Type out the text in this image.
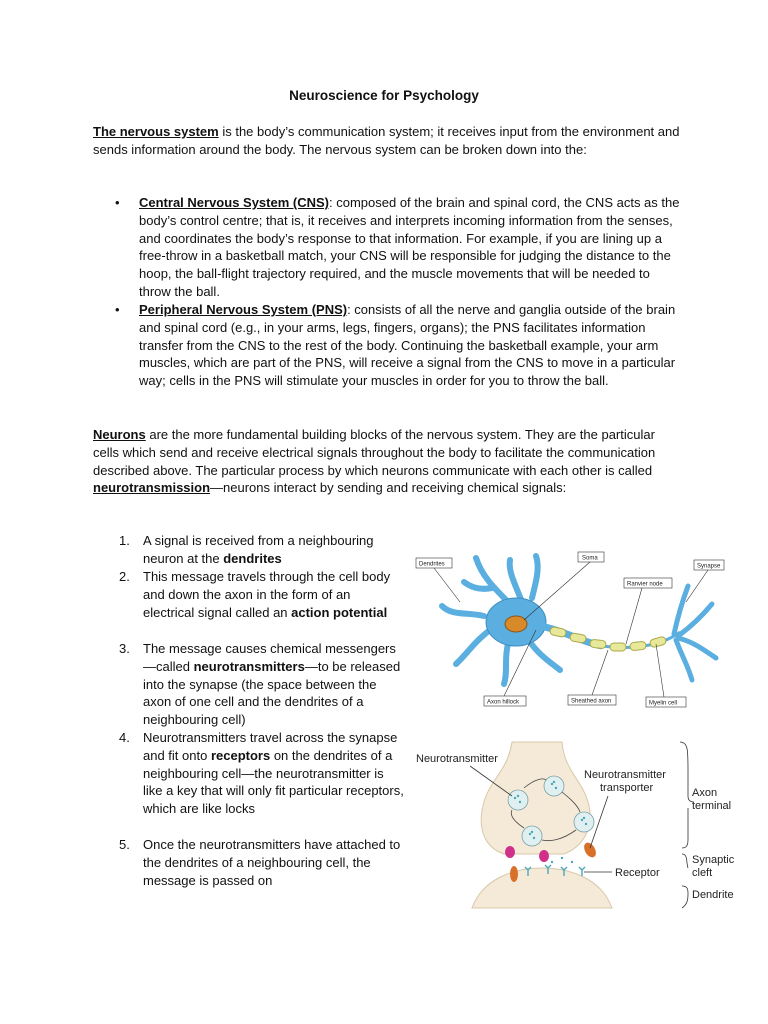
Neuroscience for Psychology
The nervous system is the body’s communication system; it receives input from the environment and sends information around the body. The nervous system can be broken down into the:
• Central Nervous System (CNS): composed of the brain and spinal cord, the CNS acts as the body’s control centre; that is, it receives and interprets incoming information from the senses, and coordinates the body’s response to that information. For example, if you are lining up a free-throw in a basketball match, your CNS will be responsible for judging the distance to the hoop, the ball-flight trajectory required, and the muscle movements that will be needed to throw the ball.
• Peripheral Nervous System (PNS): consists of all the nerve and ganglia outside of the brain and spinal cord (e.g., in your arms, legs, fingers, organs); the PNS facilitates information transfer from the CNS to the rest of the body. Continuing the basketball example, your arm muscles, which are part of the PNS, will receive a signal from the CNS to move in a particular way; cells in the PNS will stimulate your muscles in order for you to throw the ball.
Neurons are the more fundamental building blocks of the nervous system. They are the particular cells which send and receive electrical signals throughout the body to facilitate the communication described above. The particular process by which neurons communicate with each other is called neurotransmission—neurons interact by sending and receiving chemical signals:
1. A signal is received from a neighbouring neuron at the dendrites
2. This message travels through the cell body and down the axon in the form of an electrical signal called an action potential
3. The message causes chemical messengers—called neurotransmitters—to be released into the synapse (the space between the axon of one cell and the dendrites of a neighbouring cell)
4. Neurotransmitters travel across the synapse and fit onto receptors on the dendrites of a neighbouring cell—the neurotransmitter is like a key that will only fit particular receptors, which are like locks
5. Once the neurotransmitters have attached to the dendrites of a neighbouring cell, the message is passed on
Dendrites
Soma
Synapse
Ranvier node
Axon hillock	Sheathed axon	Myelin cell
Neurotransmitter
Neurotransmitter
transporter
Receptor
Axon
terminal
Synaptic
cleft
Dendrite
